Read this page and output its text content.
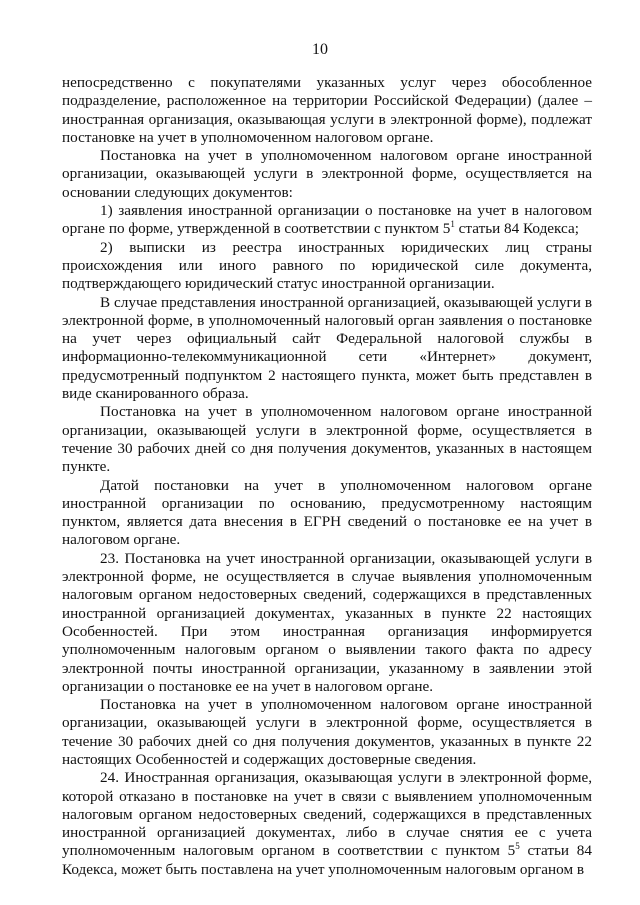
10

непосредственно с покупателями указанных услуг через обособленное подразделение, расположенное на территории Российской Федерации) (далее – иностранная организация, оказывающая услуги в электронной форме), подлежат постановке на учет в уполномоченном налоговом органе.

Постановка на учет в уполномоченном налоговом органе иностранной организации, оказывающей услуги в электронной форме, осуществляется на основании следующих документов:

1) заявления иностранной организации о постановке на учет в налоговом органе по форме, утвержденной в соответствии с пунктом $5^1$ статьи 84 Кодекса;

2) выписки из реестра иностранных юридических лиц страны происхождения или иного равного по юридической силе документа, подтверждающего юридический статус иностранной организации.

В случае представления иностранной организацией, оказывающей услуги в электронной форме, в уполномоченный налоговый орган заявления о постановке на учет через официальный сайт Федеральной налоговой службы в информационно-телекоммуникационной сети «Интернет» документ, предусмотренный подпунктом 2 настоящего пункта, может быть представлен в виде сканированного образа.

Постановка на учет в уполномоченном налоговом органе иностранной организации, оказывающей услуги в электронной форме, осуществляется в течение 30 рабочих дней со дня получения документов, указанных в настоящем пункте.

Датой постановки на учет в уполномоченном налоговом органе иностранной организации по основанию, предусмотренному настоящим пунктом, является дата внесения в ЕГРН сведений о постановке ее на учет в налоговом органе.

23. Постановка на учет иностранной организации, оказывающей услуги в электронной форме, не осуществляется в случае выявления уполномоченным налоговым органом недостоверных сведений, содержащихся в представленных иностранной организацией документах, указанных в пункте 22 настоящих Особенностей. При этом иностранная организация информируется уполномоченным налоговым органом о выявлении такого факта по адресу электронной почты иностранной организации, указанному в заявлении этой организации о постановке ее на учет в налоговом органе.

Постановка на учет в уполномоченном налоговом органе иностранной организации, оказывающей услуги в электронной форме, осуществляется в течение 30 рабочих дней со дня получения документов, указанных в пункте 22 настоящих Особенностей и содержащих достоверные сведения.

24. Иностранная организация, оказывающая услуги в электронной форме, которой отказано в постановке на учет в связи с выявлением уполномоченным налоговым органом недостоверных сведений, содержащихся в представленных иностранной организацией документах, либо в случае снятия ее с учета уполномоченным налоговым органом в соответствии с пунктом $5^5$ статьи 84 Кодекса, может быть поставлена на учет уполномоченным налоговым органом в
